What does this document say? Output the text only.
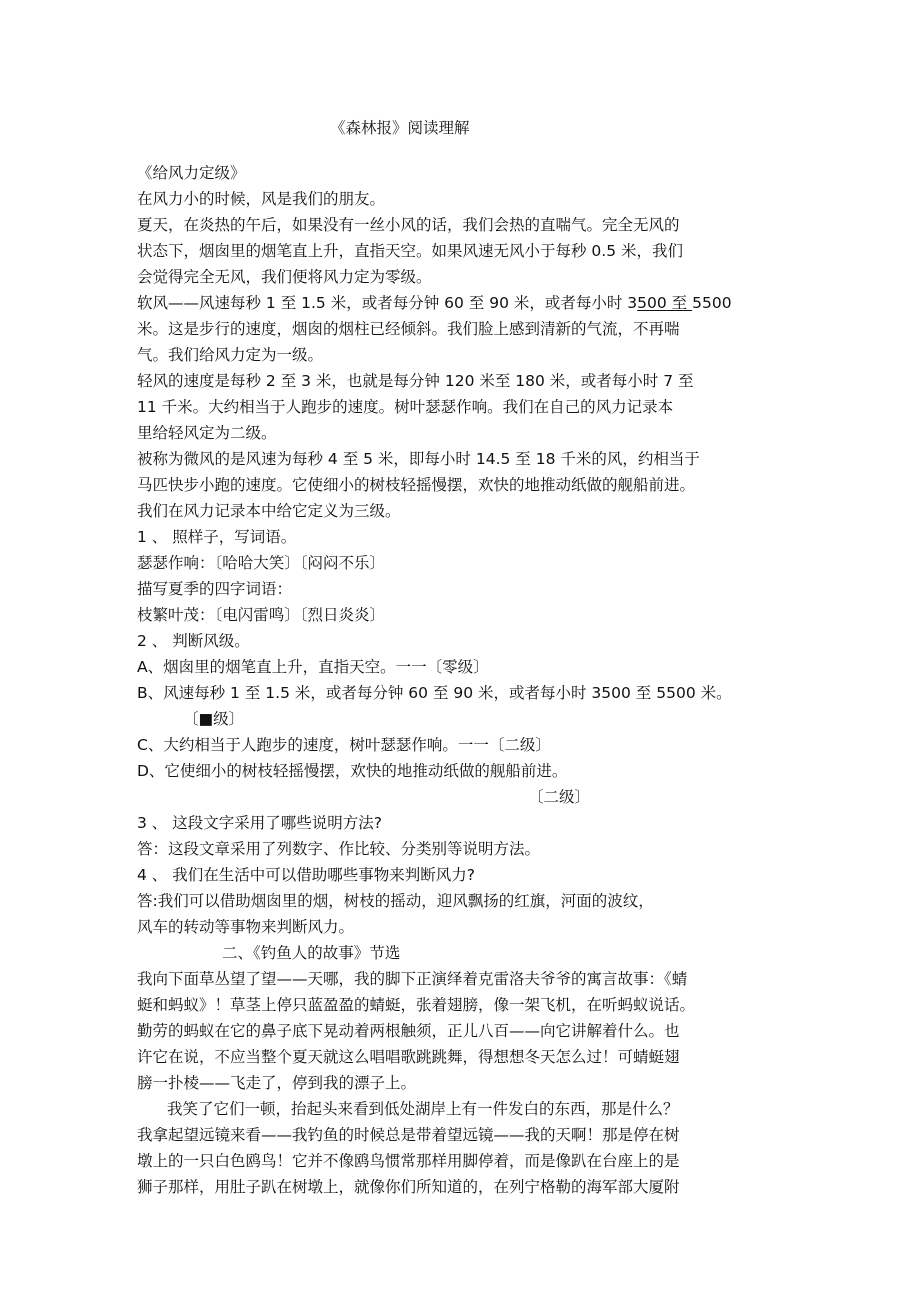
《森林报》阅读理解
《给风力定级》
在风力小的时候，风是我们的朋友。
夏天，在炎热的午后，如果没有一丝小风的话，我们会热的直喘气。完全无风的
状态下，烟囱里的烟笔直上升，直指天空。如果风速无风小于每秒 0.5 米，我们
会觉得完全无风，我们便将风力定为零级。
软风——风速每秒 1 至 1.5 米，或者每分钟 60 至 90 米，或者每小时 3500 至 5500
米。这是步行的速度，烟囱的烟柱已经倾斜。我们脸上感到清新的气流，不再喘
气。我们给风力定为一级。
轻风的速度是每秒 2 至 3 米，也就是每分钟 120 米至 180 米，或者每小时 7 至
11 千米。大约相当于人跑步的速度。树叶瑟瑟作响。我们在自己的风力记录本
里给轻风定为二级。
被称为微风的是风速为每秒 4 至 5 米，即每小时 14.5 至 18 千米的风，约相当于
马匹快步小跑的速度。它使细小的树枝轻摇慢摆，欢快的地推动纸做的舰船前进。
我们在风力记录本中给它定义为三级。
1 、 照样子，写词语。
瑟瑟作响：〔哈哈大笑〕〔闷闷不乐〕
描写夏季的四字词语：
枝繁叶茂：〔电闪雷鸣〕〔烈日炎炎〕
2 、 判断风级。
A、烟囱里的烟笔直上升，直指天空。一一〔零级〕
B、风速每秒 1 至 1.5 米，或者每分钟 60 至 90 米，或者每小时 3500 至 5500 米。
〔■级〕
C、大约相当于人跑步的速度，树叶瑟瑟作响。一一〔二级〕
D、它使细小的树枝轻摇慢摆，欢快的地推动纸做的舰船前进。
〔二级〕
3 、 这段文字采用了哪些说明方法?
答：这段文章采用了列数字、作比较、分类别等说明方法。
4 、 我们在生活中可以借助哪些事物来判断风力?
答:我们可以借助烟囱里的烟，树枝的摇动，迎风飘扬的红旗，河面的波纹，
风车的转动等事物来判断风力。
二、《钓鱼人的故事》节选
我向下面草丛望了望——天哪，我的脚下正演绎着克雷洛夫爷爷的寓言故事：《蜻
蜓和蚂蚁》！草茎上停只蓝盈盈的蜻蜓，张着翅膀，像一架飞机，在听蚂蚁说话。
勤劳的蚂蚁在它的鼻子底下晃动着两根触须，正儿八百——向它讲解着什么。也
许它在说，不应当整个夏天就这么唱唱歌跳跳舞，得想想冬天怎么过！可蜻蜓翅
膀一扑棱——飞走了，停到我的漂子上。
我笑了它们一顿，抬起头来看到低处湖岸上有一件发白的东西，那是什么？
我拿起望远镜来看——我钓鱼的时候总是带着望远镜——我的天啊！那是停在树
墩上的一只白色鸥鸟！它并不像鸥鸟惯常那样用脚停着，而是像趴在台座上的是
狮子那样，用肚子趴在树墩上，就像你们所知道的，在列宁格勒的海军部大厦附
